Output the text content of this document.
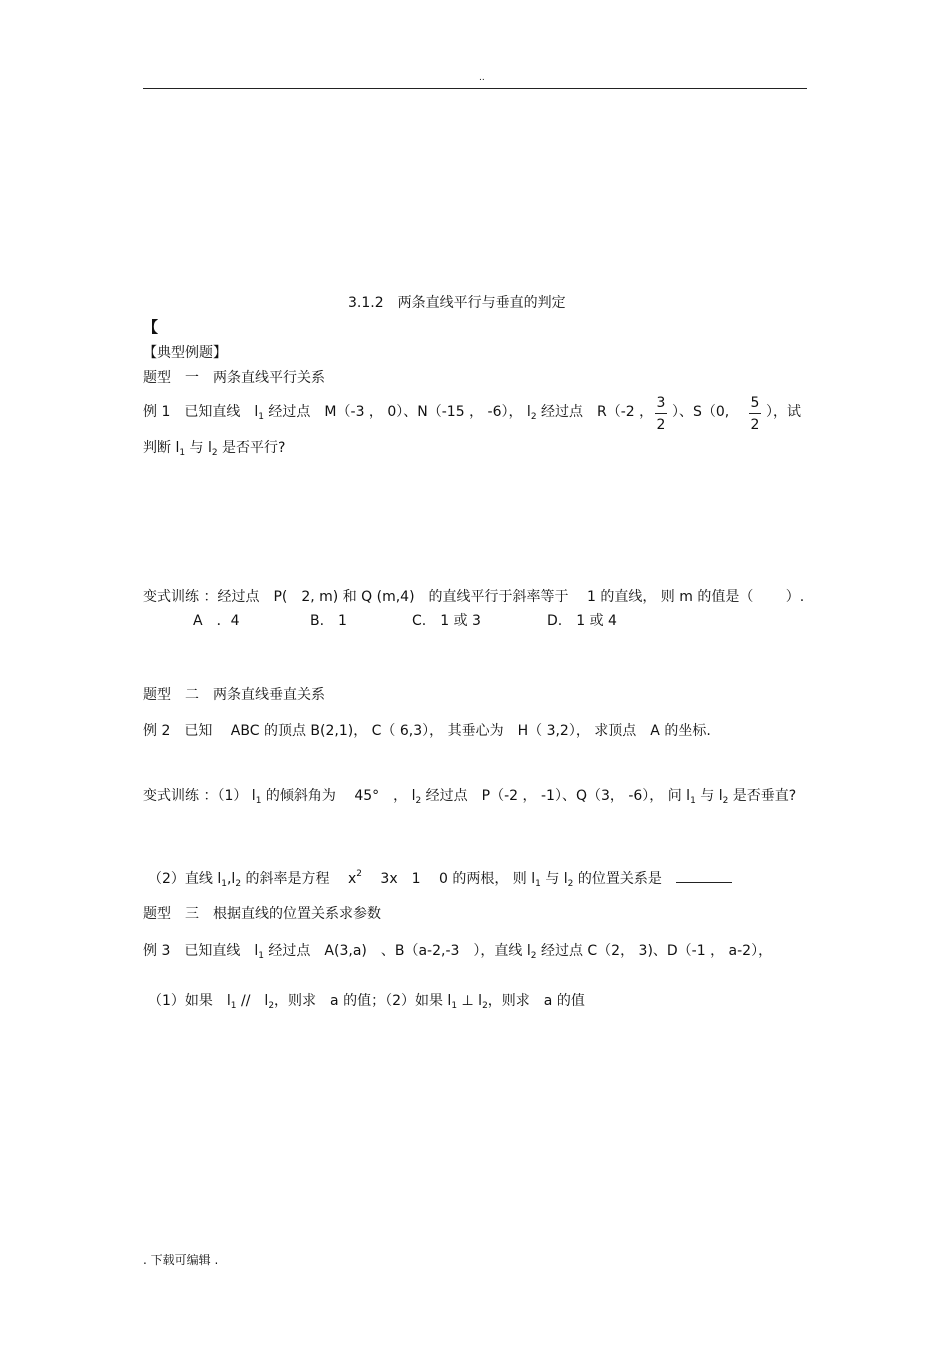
..
3.1.2　两条直线平行与垂直的判定
【
【典型例题】
题型　一　两条直线平行关系
例 1　已知直线　$l_1$ 经过点　M（-3 ， 0）、N（-15 ， -6）， $l_2$ 经过点　R（-2 ，
3
2
）、S（0,
5
2
），试
判断 $l_1$ 与 $l_2$ 是否平行?
变式训练 ：经过点　P(　2, m) 和 Q (m,4)　的直线平行于斜率等于　 1 的直线， 则 m 的值是（　　 ）.
A　．4	B.　1	C.　1 或 3	D.　1 或 4
题型　二　两条直线垂直关系
例 2　已知　 ABC 的顶点 B(2,1)， C（ 6,3）， 其垂心为　H（ 3,2）， 求顶点　A 的坐标.
变式训练 ：（1） $l_1$ 的倾斜角为　 45°　， $l_2$ 经过点　P（-2 ， -1）、Q（3， -6）， 问 $l_1$ 与 $l_2$ 是否垂直?
（2）直线 $l_1,l_2$ 的斜率是方程　 $x^2$　 3x　1　 0 的两根， 则 $l_1$ 与 $l_2$ 的位置关系是　
题型　三　根据直线的位置关系求参数
例 3　已知直线　$l_1$ 经过点　A(3,a)　、B（a-2,-3　），直线 $l_2$ 经过点 C（2， 3)、D（-1 ， a-2），
（1）如果　$l_1$ //　$l_2$，则求　a 的值；（2）如果 $l_1$ ⊥ $l_2$，则求　a 的值
. 下载可编辑 .
